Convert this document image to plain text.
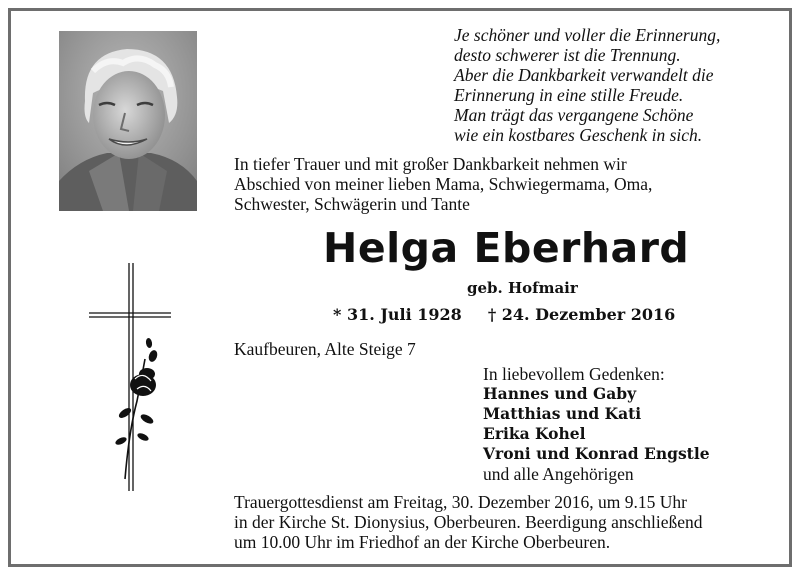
Je schöner und voller die Erinnerung,
desto schwerer ist die Trennung.
Aber die Dankbarkeit verwandelt die
Erinnerung in eine stille Freude.
Man trägt das vergangene Schöne
wie ein kostbares Geschenk in sich.
In tiefer Trauer und mit großer Dankbarkeit nehmen wir
Abschied von meiner lieben Mama, Schwiegermama, Oma,
Schwester, Schwägerin und Tante
Helga Eberhard
geb. Hofmair
* 31. Juli 1928 † 24. Dezember 2016
Kaufbeuren, Alte Steige 7
In liebevollem Gedenken:
Hannes und Gaby
Matthias und Kati
Erika Kohel
Vroni und Konrad Engstle
und alle Angehörigen
Trauergottesdienst am Freitag, 30. Dezember 2016, um 9.15 Uhr
in der Kirche St. Dionysius, Oberbeuren. Beerdigung anschließend
um 10.00 Uhr im Friedhof an der Kirche Oberbeuren.
